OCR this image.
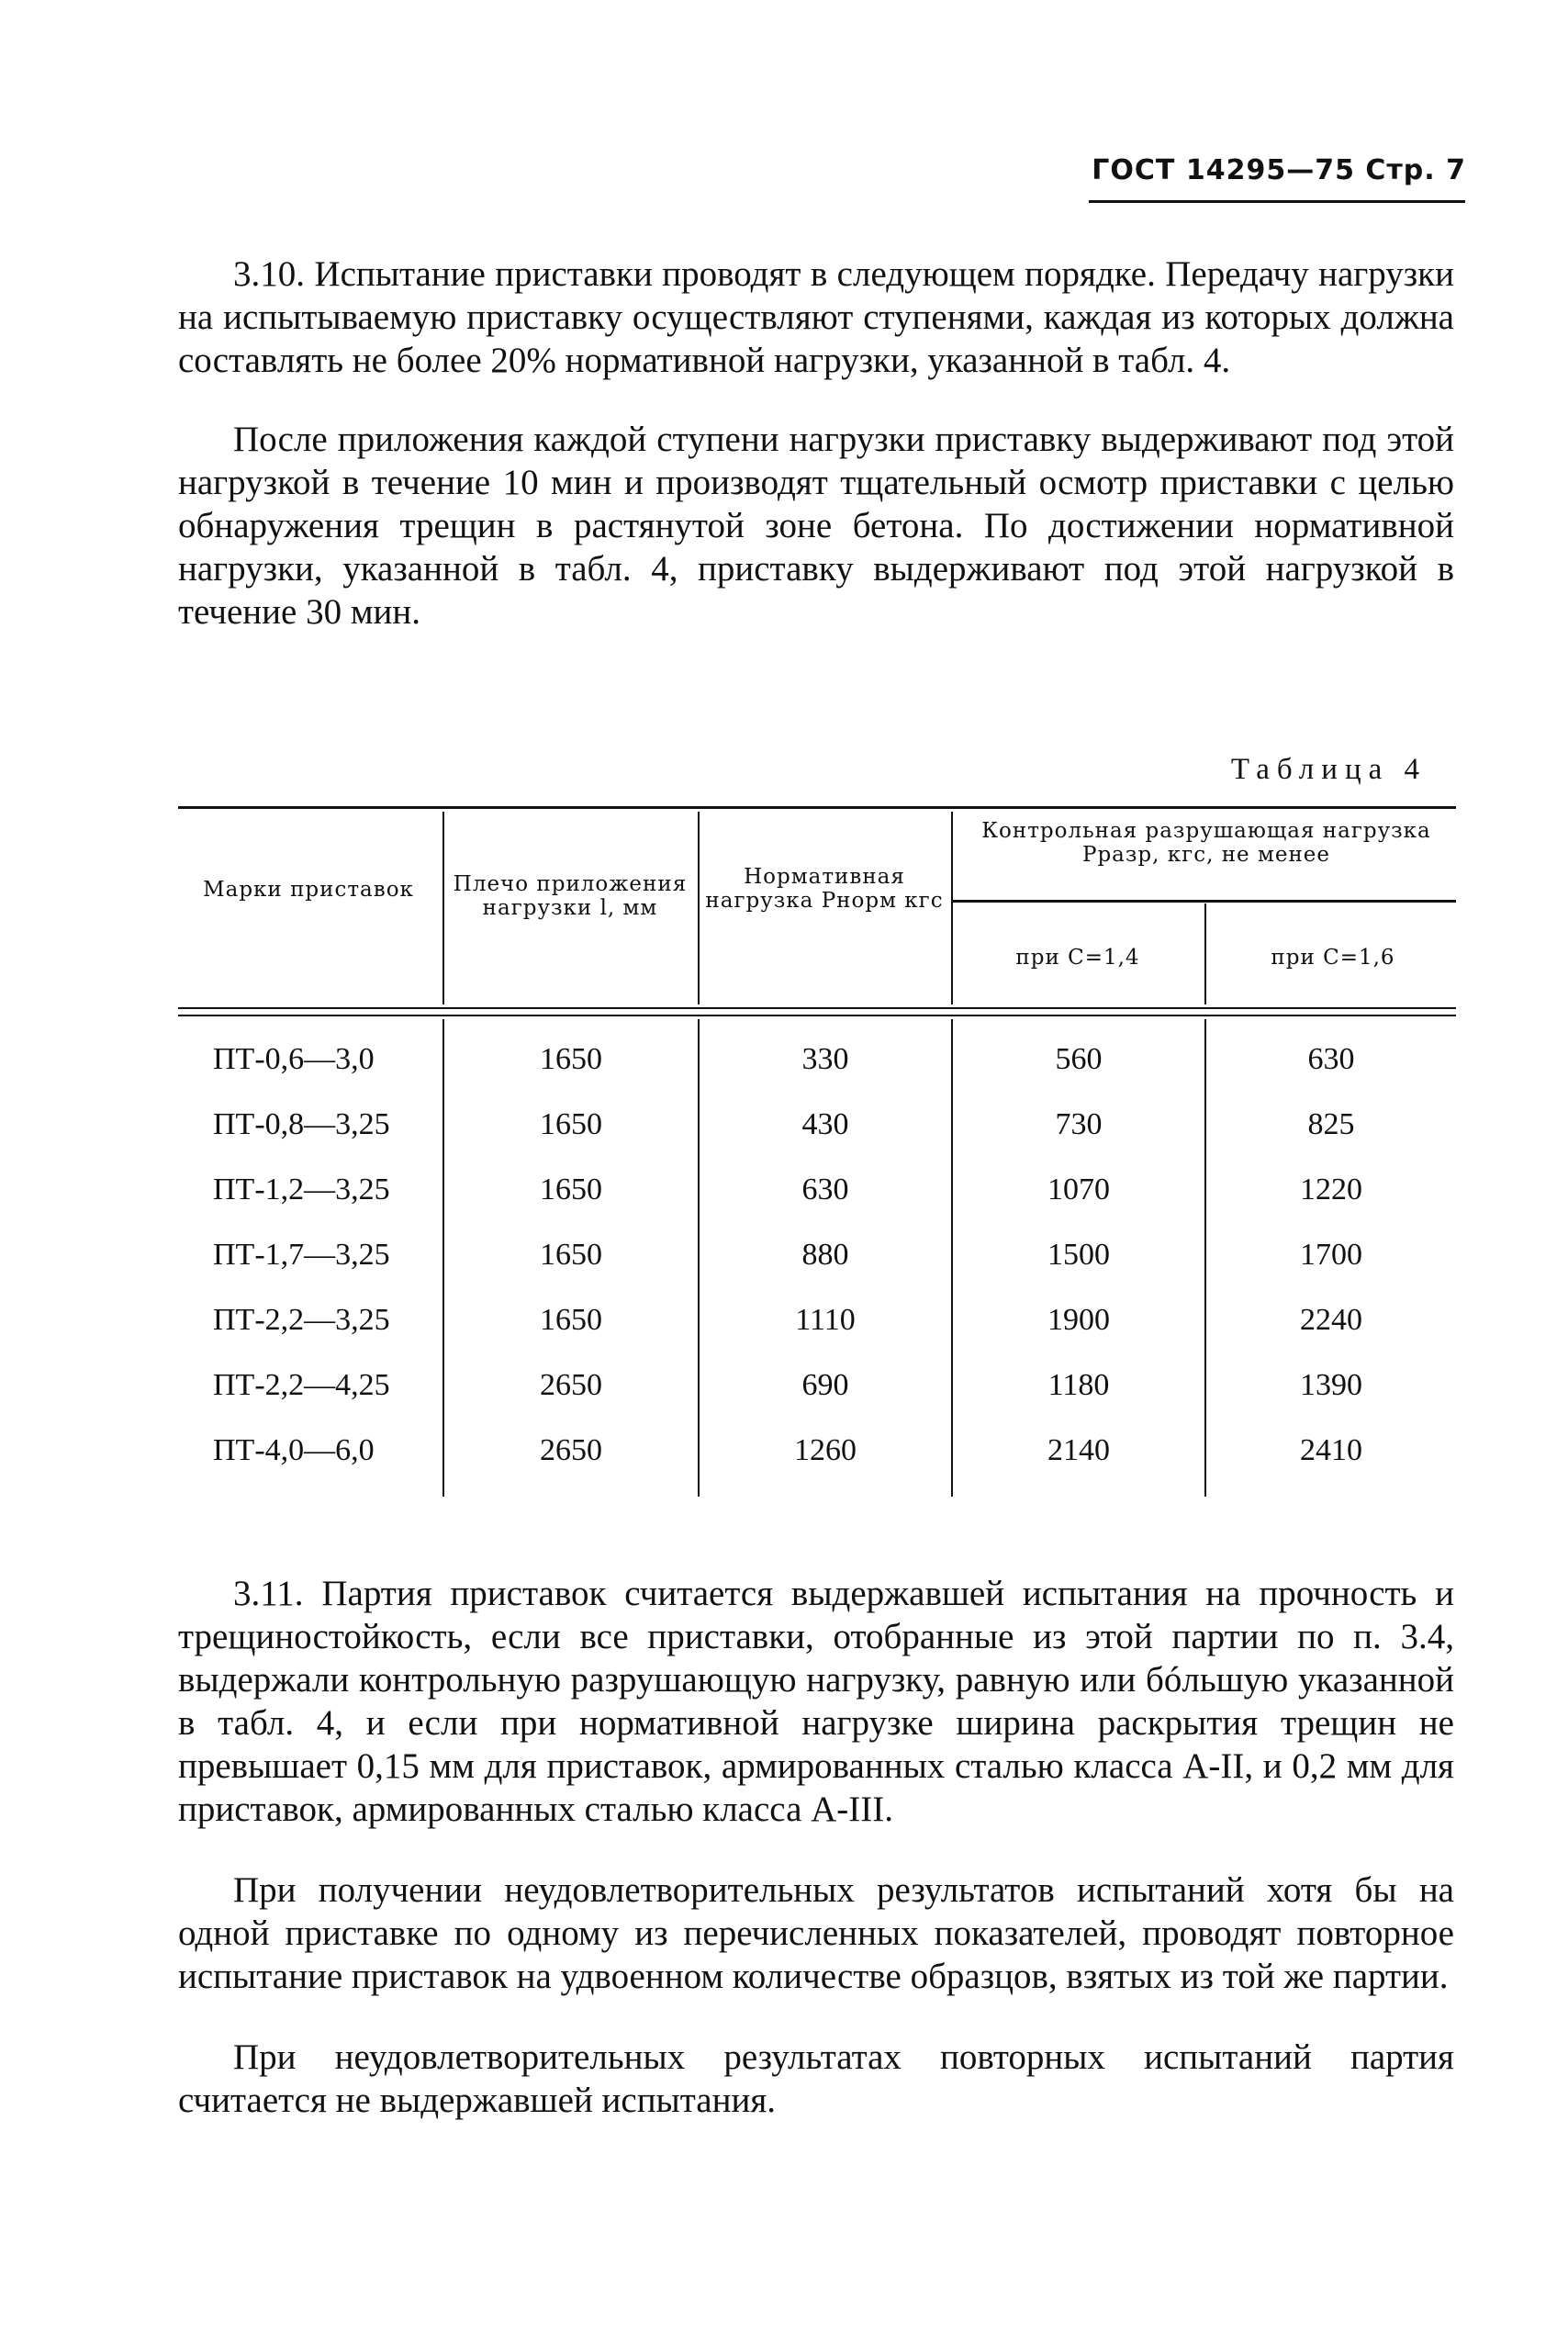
ГОСТ 14295—75 Стр. 7
3.10. Испытание приставки проводят в следующем порядке. Передачу нагрузки на испытываемую приставку осуществляют ступенями, каждая из которых должна составлять не более 20% нормативной нагрузки, указанной в табл. 4.
После приложения каждой ступени нагрузки приставку выдерживают под этой нагрузкой в течение 10 мин и производят тщательный осмотр приставки с целью обнаружения трещин в растянутой зоне бетона. По достижении нормативной нагрузки, указанной в табл. 4, приставку выдерживают под этой нагрузкой в течение 30 мин.
Таблица 4
Марки приставок	Плечо приложения нагрузки l, мм
Нормативная нагрузка Pнорм кгс
Контрольная разрушающая нагрузка Pразр, кгс, не менее
при C=1,4	при C=1,6
ПТ-0,6—3,0	1650	330	560	630
ПТ-0,8—3,25	1650	430	730	825
ПТ-1,2—3,25	1650	630	1070	1220
ПТ-1,7—3,25	1650	880	1500	1700
ПТ-2,2—3,25	1650	1110	1900	2240
ПТ-2,2—4,25	2650	690	1180	1390
ПТ-4,0—6,0	2650	1260	2140	2410
3.11. Партия приставок считается выдержавшей испытания на прочность и трещиностойкость, если все приставки, отобранные из этой партии по п. 3.4, выдержали контрольную разрушающую нагрузку, равную или бóльшую указанной в табл. 4, и если при нормативной нагрузке ширина раскрытия трещин не превышает 0,15 мм для приставок, армированных сталью класса А-II, и 0,2 мм для приставок, армированных сталью класса А-III.
При получении неудовлетворительных результатов испытаний хотя бы на одной приставке по одному из перечисленных показателей, проводят повторное испытание приставок на удвоенном количестве образцов, взятых из той же партии.
При неудовлетворительных результатах повторных испытаний партия считается не выдержавшей испытания.
